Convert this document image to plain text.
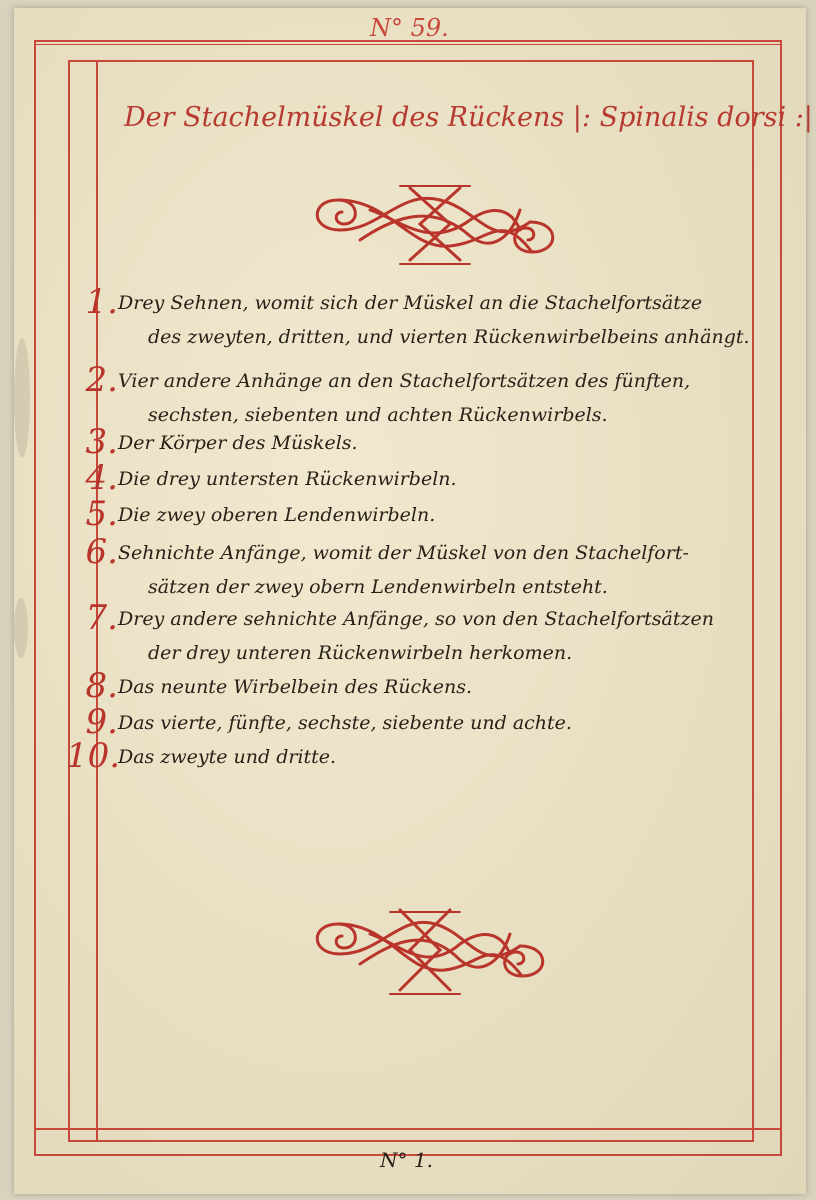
N° 59.
Der Stachelmüskel des Rückens |: Spinalis dorsi :|
1. Drey Sehnen, womit sich der Müskel an die Stachelfortsätze
des zweyten, dritten, und vierten Rückenwirbelbeins anhängt.
2. Vier andere Anhänge an den Stachelfortsätzen des fünften,
sechsten, siebenten und achten Rückenwirbels.
3. Der Körper des Müskels.
4. Die drey untersten Rückenwirbeln.
5. Die zwey oberen Lendenwirbeln.
6. Sehnichte Anfänge, womit der Müskel von den Stachelfort-
sätzen der zwey obern Lendenwirbeln entsteht.
7. Drey andere sehnichte Anfänge, so von den Stachelfortsätzen
der drey unteren Rückenwirbeln herkomen.
8. Das neunte Wirbelbein des Rückens.
9. Das vierte, fünfte, sechste, siebente und achte.
10.
Das zweyte und dritte.
N° 1.
